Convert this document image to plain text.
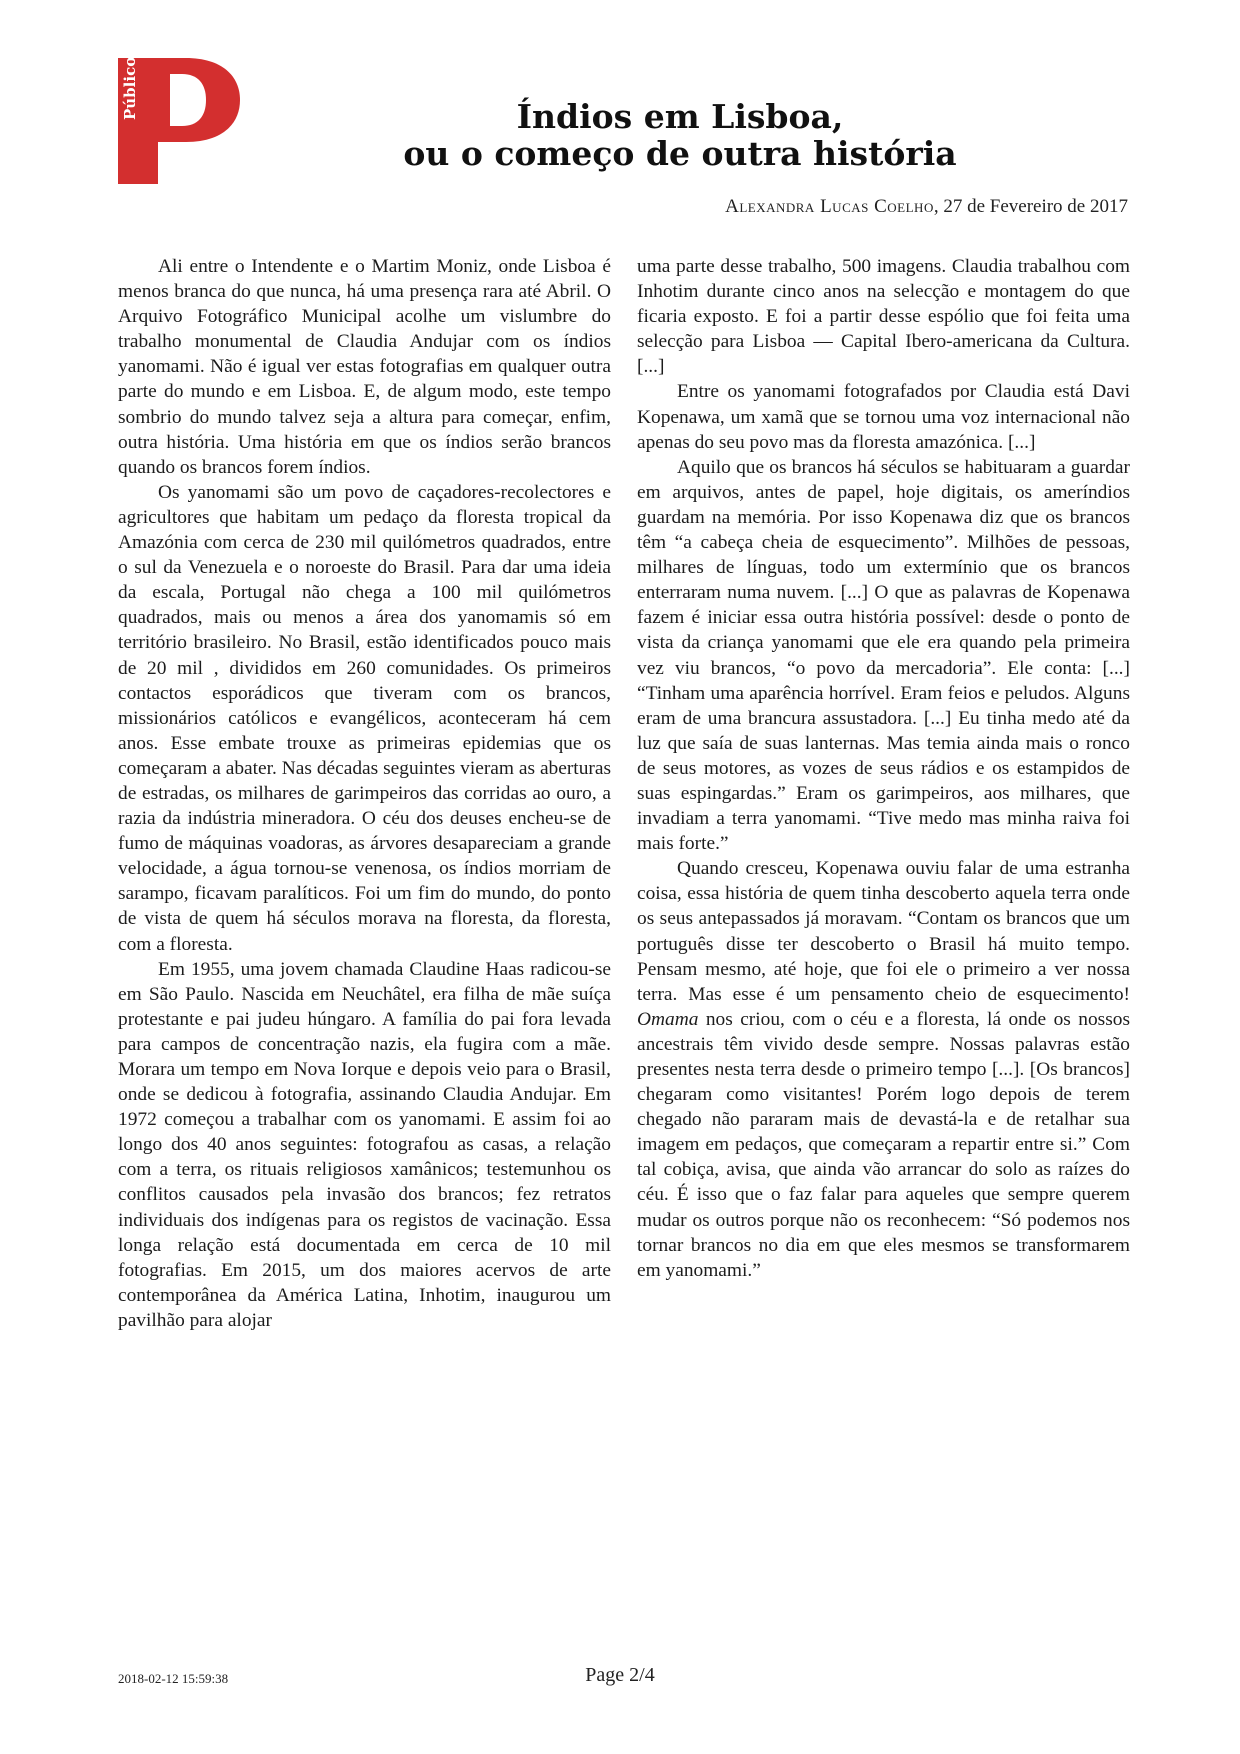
Público	Índios em Lisboa,
ou o começo de outra história
Alexandra Lucas Coelho, 27 de Fevereiro de 2017

Ali entre o Intendente e o Martim Moniz, onde Lisboa é menos branca do que nunca, há uma presença rara até Abril. O Arquivo Fotográfico Municipal acolhe um vislumbre do trabalho monumental de Claudia Andujar com os índios yanomami. Não é igual ver estas fotografias em qualquer outra parte do mundo e em Lisboa. E, de algum modo, este tempo sombrio do mundo talvez seja a altura para começar, enfim, outra história. Uma história em que os índios serão brancos quando os brancos forem índios.

Os yanomami são um povo de caçadores-recolectores e agricultores que habitam um pedaço da floresta tropical da Amazónia com cerca de 230 mil quilómetros quadrados, entre o sul da Venezuela e o noroeste do Brasil. Para dar uma ideia da escala, Portugal não chega a 100 mil quilómetros quadrados, mais ou menos a área dos yanomamis só em território brasileiro. No Brasil, estão identificados pouco mais de 20 mil , divididos em 260 comunidades. Os primeiros contactos esporádicos que tiveram com os brancos, missionários católicos e evangélicos, aconteceram há cem anos. Esse embate trouxe as primeiras epidemias que os começaram a abater. Nas décadas seguintes vieram as aberturas de estradas, os milhares de garimpeiros das corridas ao ouro, a razia da indústria mineradora. O céu dos deuses encheu-se de fumo de máquinas voadoras, as árvores desapareciam a grande velocidade, a água tornou-se venenosa, os índios morriam de sarampo, ficavam paralíticos. Foi um fim do mundo, do ponto de vista de quem há séculos morava na floresta, da floresta, com a floresta.

Em 1955, uma jovem chamada Claudine Haas radicou-se em São Paulo. Nascida em Neuchâtel, era filha de mãe suíça protestante e pai judeu húngaro. A família do pai fora levada para campos de concentração nazis, ela fugira com a mãe. Morara um tempo em Nova Iorque e depois veio para o Brasil, onde se dedicou à fotografia, assinando Claudia Andujar. Em 1972 começou a trabalhar com os yanomami. E assim foi ao longo dos 40 anos seguintes: fotografou as casas, a relação com a terra, os rituais religiosos xamânicos; testemunhou os conflitos causados pela invasão dos brancos; fez retratos individuais dos indígenas para os registos de vacinação. Essa longa relação está documentada em cerca de 10 mil fotografias. Em 2015, um dos maiores acervos de arte contemporânea da América Latina, Inhotim, inaugurou um pavilhão para alojar

uma parte desse trabalho, 500 imagens. Claudia trabalhou com Inhotim durante cinco anos na selecção e montagem do que ficaria exposto. E foi a partir desse espólio que foi feita uma selecção para Lisboa — Capital Ibero-americana da Cultura. [...]

Entre os yanomami fotografados por Claudia está Davi Kopenawa, um xamã que se tornou uma voz internacional não apenas do seu povo mas da floresta amazónica. [...]

Aquilo que os brancos há séculos se habituaram a guardar em arquivos, antes de papel, hoje digitais, os ameríndios guardam na memória. Por isso Kopenawa diz que os brancos têm “a cabeça cheia de esquecimento”. Milhões de pessoas, milhares de línguas, todo um extermínio que os brancos enterraram numa nuvem. [...] O que as palavras de Kopenawa fazem é iniciar essa outra história possível: desde o ponto de vista da criança yanomami que ele era quando pela primeira vez viu brancos, “o povo da mercadoria”. Ele conta: [...] “Tinham uma aparência horrível. Eram feios e peludos. Alguns eram de uma brancura assustadora. [...] Eu tinha medo até da luz que saía de suas lanternas. Mas temia ainda mais o ronco de seus motores, as vozes de seus rádios e os estampidos de suas espingardas.” Eram os garimpeiros, aos milhares, que invadiam a terra yanomami. “Tive medo mas minha raiva foi mais forte.”

Quando cresceu, Kopenawa ouviu falar de uma estranha coisa, essa história de quem tinha descoberto aquela terra onde os seus antepassados já moravam. “Contam os brancos que um português disse ter descoberto o Brasil há muito tempo. Pensam mesmo, até hoje, que foi ele o primeiro a ver nossa terra. Mas esse é um pensamento cheio de esquecimento! Omama nos criou, com o céu e a floresta, lá onde os nossos ancestrais têm vivido desde sempre. Nossas palavras estão presentes nesta terra desde o primeiro tempo [...]. [Os brancos] chegaram como visitantes! Porém logo depois de terem chegado não pararam mais de devastá-la e de retalhar sua imagem em pedaços, que começaram a repartir entre si.” Com tal cobiça, avisa, que ainda vão arrancar do solo as raízes do céu. É isso que o faz falar para aqueles que sempre querem mudar os outros porque não os reconhecem: “Só podemos nos tornar brancos no dia em que eles mesmos se transformarem em yanomami.”

2018-02-12 15:59:38	Page 2/4
